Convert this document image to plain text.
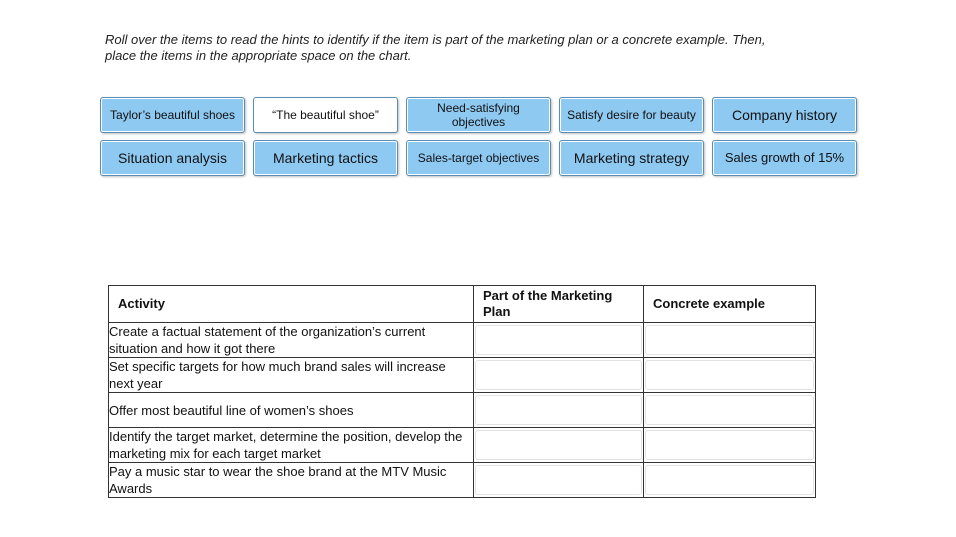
Roll over the items to read the hints to identify if the item is part of the marketing plan or a concrete example. Then, place the items in the appropriate space on the chart.
Taylor’s beautiful shoes	“The beautiful shoe”	Need-satisfying objectives	Satisfy desire for beauty	Company history
Situation analysis	Marketing tactics	Sales-target objectives	Marketing strategy	Sales growth of 15%
Activity	Part of the Marketing Plan	Concrete example
Create a factual statement of the organization’s current situation and how it got there	

Set specific targets for how much brand sales will increase next year	

Offer most beautiful line of women’s shoes	

Identify the target market, determine the position, develop the marketing mix for each target market	

Pay a music star to wear the shoe brand at the MTV Music Awards	
